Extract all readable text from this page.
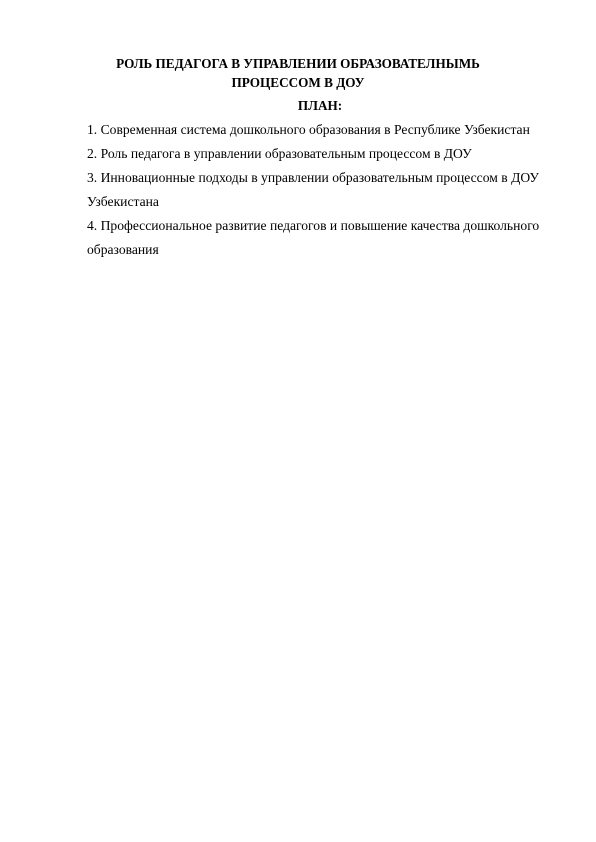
РОЛЬ ПЕДАГОГА В УПРАВЛЕНИИ ОБРАЗОВАТЕЛНЫМЬ
ПРОЦЕССОМ В ДОУ
ПЛАН:
1. Современная система дошкольного образования в Республике Узбекистан
2. Роль педагога в управлении образовательным процессом в ДОУ
3. Инновационные подходы в управлении образовательным процессом в ДОУ Узбекистана
4. Профессиональное развитие педагогов и повышение качества дошкольного образования
